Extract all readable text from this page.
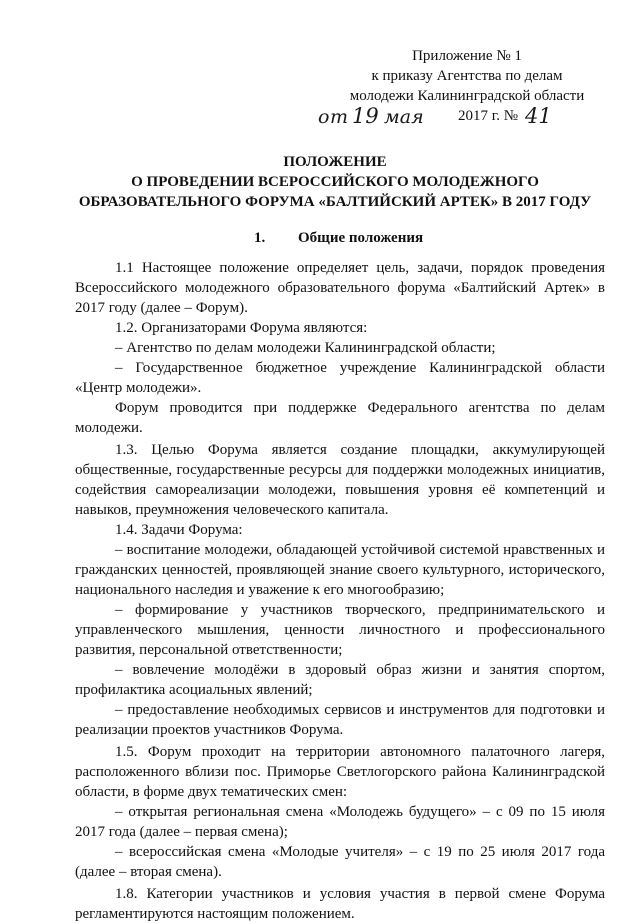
Приложение № 1
к приказу Агентства по делам
молодежи Калининградской области
от 19 мая 2017 г. № 41
ПОЛОЖЕНИЕ
О ПРОВЕДЕНИИ ВСЕРОССИЙСКОГО МОЛОДЕЖНОГО
ОБРАЗОВАТЕЛЬНОГО ФОРУМА «БАЛТИЙСКИЙ АРТЕК» В 2017 ГОДУ
1. Общие положения

1.1 Настоящее положение определяет цель, задачи, порядок проведения Всероссийского молодежного образовательного форума «Балтийский Артек» в 2017 году (далее – Форум).

1.2. Организаторами Форума являются:

– Агентство по делам молодежи Калининградской области;

– Государственное бюджетное учреждение Калининградской области «Центр молодежи».

Форум проводится при поддержке Федерального агентства по делам молодежи.

1.3. Целью Форума является создание площадки, аккумулирующей общественные, государственные ресурсы для поддержки молодежных инициатив, содействия самореализации молодежи, повышения уровня её компетенций и навыков, преумножения человеческого капитала.

1.4. Задачи Форума:

– воспитание молодежи, обладающей устойчивой системой нравственных и гражданских ценностей, проявляющей знание своего культурного, исторического, национального наследия и уважение к его многообразию;

– формирование у участников творческого, предпринимательского и управленческого мышления, ценности личностного и профессионального развития, персональной ответственности;

– вовлечение молодёжи в здоровый образ жизни и занятия спортом, профилактика асоциальных явлений;

– предоставление необходимых сервисов и инструментов для подготовки и реализации проектов участников Форума.

1.5. Форум проходит на территории автономного палаточного лагеря, расположенного вблизи пос. Приморье Светлогорского района Калининградской области, в форме двух тематических смен:

– открытая региональная смена «Молодежь будущего» – с 09 по 15 июля 2017 года (далее – первая смена);

– всероссийская смена «Молодые учителя» – с 19 по 25 июля 2017 года (далее – вторая смена).

1.8. Категории участников и условия участия в первой смене Форума регламентируются настоящим положением.
